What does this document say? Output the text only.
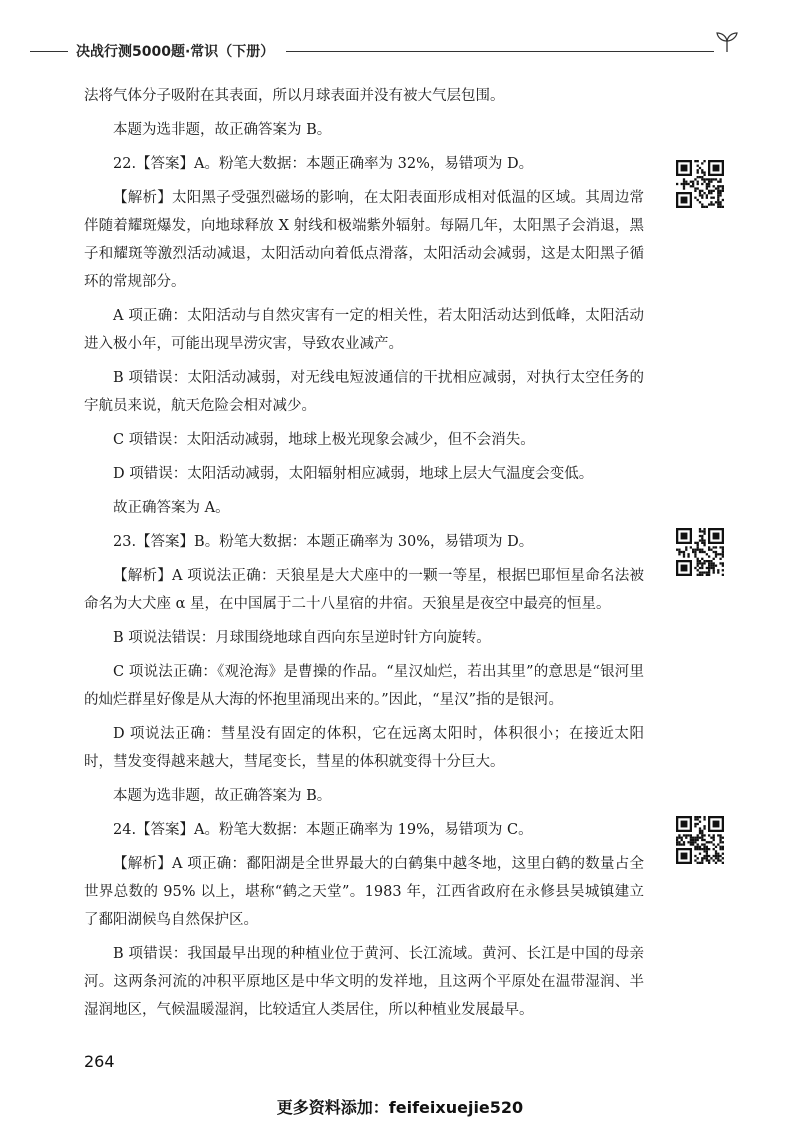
决战行测5000题·常识（下册）

法将气体分子吸附在其表面，所以月球表面并没有被大气层包围。

本题为选非题，故正确答案为 B。

22.【答案】A。粉笔大数据：本题正确率为 32%，易错项为 D。

【解析】太阳黑子受强烈磁场的影响，在太阳表面形成相对低温的区域。其周边常伴随着耀斑爆发，向地球释放 X 射线和极端紫外辐射。每隔几年，太阳黑子会消退，黑子和耀斑等激烈活动减退，太阳活动向着低点滑落，太阳活动会减弱，这是太阳黑子循环的常规部分。

A 项正确：太阳活动与自然灾害有一定的相关性，若太阳活动达到低峰，太阳活动进入极小年，可能出现旱涝灾害，导致农业减产。

B 项错误：太阳活动减弱，对无线电短波通信的干扰相应减弱，对执行太空任务的宇航员来说，航天危险会相对减少。

C 项错误：太阳活动减弱，地球上极光现象会减少，但不会消失。

D 项错误：太阳活动减弱，太阳辐射相应减弱，地球上层大气温度会变低。

故正确答案为 A。

23.【答案】B。粉笔大数据：本题正确率为 30%，易错项为 D。

【解析】A 项说法正确：天狼星是大犬座中的一颗一等星，根据巴耶恒星命名法被命名为大犬座 α 星，在中国属于二十八星宿的井宿。天狼星是夜空中最亮的恒星。

B 项说法错误：月球围绕地球自西向东呈逆时针方向旋转。

C 项说法正确：《观沧海》是曹操的作品。“星汉灿烂，若出其里”的意思是“银河里的灿烂群星好像是从大海的怀抱里涌现出来的。”因此，“星汉”指的是银河。

D 项说法正确：彗星没有固定的体积，它在远离太阳时，体积很小；在接近太阳时，彗发变得越来越大，彗尾变长，彗星的体积就变得十分巨大。

本题为选非题，故正确答案为 B。

24.【答案】A。粉笔大数据：本题正确率为 19%，易错项为 C。

【解析】A 项正确：鄱阳湖是全世界最大的白鹤集中越冬地，这里白鹤的数量占全世界总数的 95% 以上，堪称“鹤之天堂”。1983 年，江西省政府在永修县吴城镇建立了鄱阳湖候鸟自然保护区。

B 项错误：我国最早出现的种植业位于黄河、长江流域。黄河、长江是中国的母亲河。这两条河流的冲积平原地区是中华文明的发祥地，且这两个平原处在温带湿润、半湿润地区，气候温暖湿润，比较适宜人类居住，所以种植业发展最早。

264
更多资料添加：feifeixuejie520
